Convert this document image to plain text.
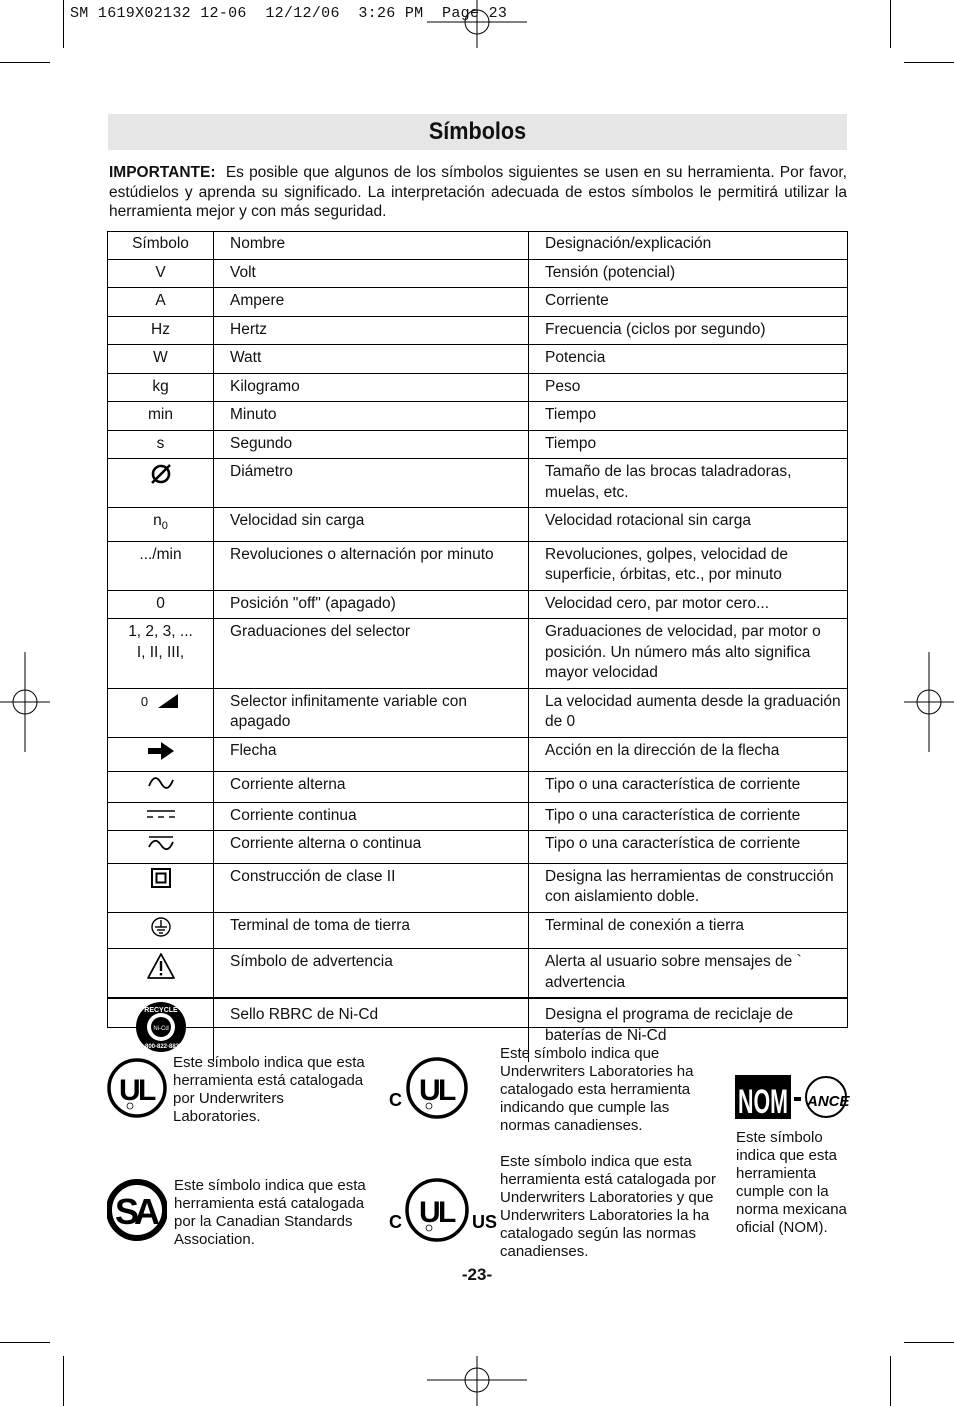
SM 1619X02132 12-06  12/12/06  3:26 PM  Page 23
Símbolos
IMPORTANTE: Es posible que algunos de los símbolos siguientes se usen en su herramienta. Por favor, estúdielos y aprenda su significado. La interpretación adecuada de estos símbolos le permitirá utilizar la herramienta mejor y con más seguridad.
Símbolo	Nombre	Designación/explicación
V	Volt	Tensión (potencial)
A	Ampere	Corriente
Hz	Hertz	Frecuencia (ciclos por segundo)
W	Watt	Potencia
kg	Kilogramo	Peso
min	Minuto	Tiempo
s	Segundo	Tiempo
	Diámetro	Tamaño de las brocas taladradoras, muelas, etc.
$n_0$	Velocidad sin carga	Velocidad rotacional sin carga
.../min	Revoluciones o alternación por minuto	Revoluciones, golpes, velocidad de superficie, órbitas, etc., por minuto
0	Posición "off" (apagado)	Velocidad cero, par motor cero...
1, 2, 3, ...
I, II, III,	Graduaciones del selector	Graduaciones de velocidad, par motor o posición. Un número más alto significa mayor velocidad
$^0$	Selector infinitamente variable con apagado	La velocidad aumenta desde la graduación de 0
	Flecha	Acción en la dirección de la flecha
	Corriente alterna	Tipo o una característica de corriente
	Corriente continua	Tipo o una característica de corriente
	Corriente alterna o continua	Tipo o una característica de corriente
	Construcción de clase II	Designa las herramientas de construcción con aislamiento doble.
	Terminal de toma de tierra	Terminal de conexión a tierra
	Símbolo de advertencia	Alerta al usuario sobre mensajes de ` advertencia

RECYCLE
1-800-822-8837
Ni-Cd	Sello RBRC de Ni-Cd	Designa el programa de reciclaje de baterías de Ni-Cd
U
L
Este símbolo indica que esta herramienta está catalogada por Underwriters Laboratories.
U
L
C
Este símbolo indica que Underwriters Laboratories ha catalogado esta herramienta indicando que cumple las normas canadienses.
NOM ANCE
Este símbolo indica que esta herramienta cumple con la norma mexicana oficial (NOM).
S
A
Este símbolo indica que esta herramienta está catalogada por la Canadian Standards Association.
U
L
C	US
Este símbolo indica que esta herramienta está catalogada por Underwriters Laboratories y que Underwriters Laboratories la ha catalogado según las normas canadienses.
-23-
